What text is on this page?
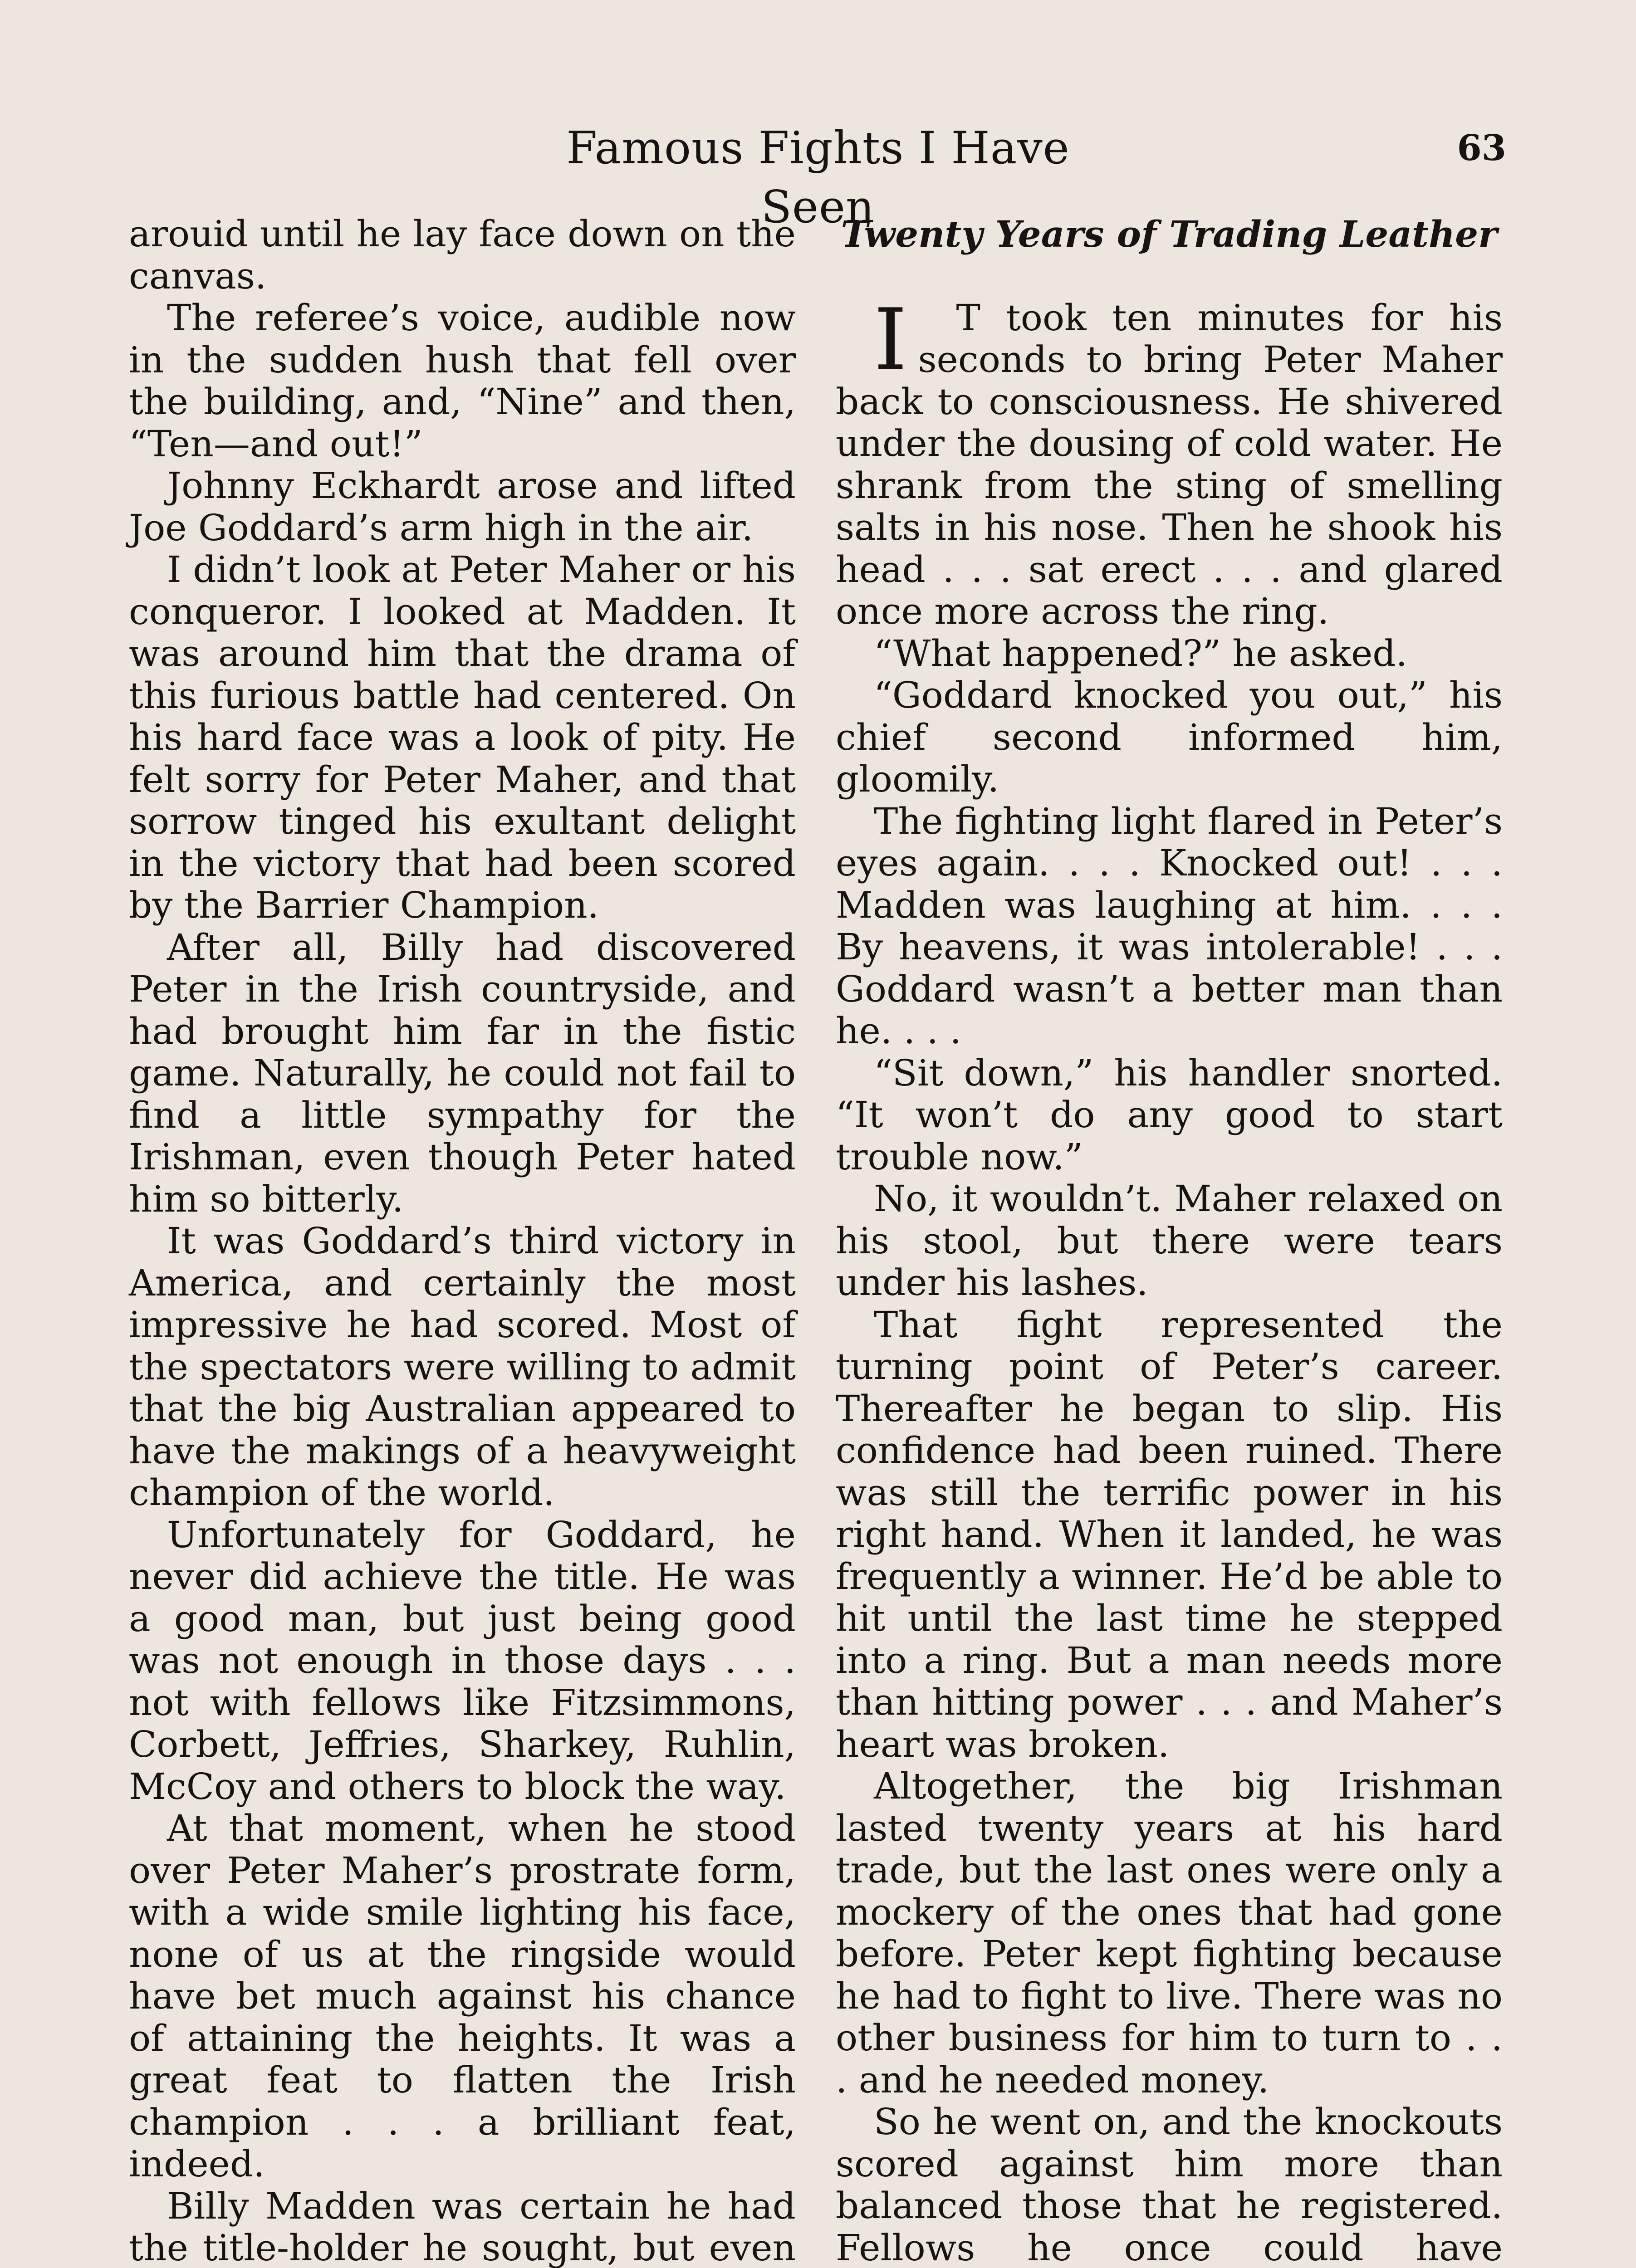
Famous Fights I Have Seen
63

arouid until he lay face down on the canvas.

The referee’s voice, audible now in the sudden hush that fell over the building, and, “Nine” and then, “Ten—and out!”

Johnny Eckhardt arose and lifted Joe Goddard’s arm high in the air.

I didn’t look at Peter Maher or his conqueror. I looked at Madden. It was around him that the drama of this furious battle had centered. On his hard face was a look of pity. He felt sorry for Peter Maher, and that sorrow tinged his exultant delight in the victory that had been scored by the Barrier Champion.

After all, Billy had discovered Peter in the Irish countryside, and had brought him far in the fistic game. Naturally, he could not fail to find a little sympathy for the Irishman, even though Peter hated him so bitterly.

It was Goddard’s third victory in America, and certainly the most impressive he had scored. Most of the spectators were willing to admit that the big Australian appeared to have the makings of a heavyweight champion of the world.

Unfortunately for Goddard, he never did achieve the title. He was a good man, but just being good was not enough in those days . . . not with fellows like Fitzsimmons, Corbett, Jeffries, Sharkey, Ruhlin, McCoy and others to block the way.

At that moment, when he stood over Peter Maher’s prostrate form, with a wide smile lighting his face, none of us at the ringside would have bet much against his chance of attaining the heights. It was a great feat to flatten the Irish champion . . . a brilliant feat, indeed.

Billy Madden was certain he had the title-holder he sought, but even

Twenty Years of Trading Leather

I T took ten minutes for his seconds to bring Peter Maher back to consciousness. He shivered under the dousing of cold water. He shrank from the sting of smelling salts in his nose. Then he shook his head . . . sat erect . . . and glared once more across the ring.

“What happened?” he asked.

“Goddard knocked you out,” his chief second informed him, gloomily.

The fighting light flared in Peter’s eyes again. . . . Knocked out! . . . Madden was laughing at him. . . . By heavens, it was intolerable! . . . Goddard wasn’t a better man than he. . . .

“Sit down,” his handler snorted. “It won’t do any good to start trouble now.”

No, it wouldn’t. Maher relaxed on his stool, but there were tears under his lashes.

That fight represented the turning point of Peter’s career. Thereafter he began to slip. His confidence had been ruined. There was still the terrific power in his right hand. When it landed, he was frequently a winner. He’d be able to hit until the last time he stepped into a ring. But a man needs more than hitting power . . . and Maher’s heart was broken.

Altogether, the big Irishman lasted twenty years at his hard trade, but the last ones were only a mockery of the ones that had gone before. Peter kept fighting because he had to fight to live. There was no other business for him to turn to . . . and he needed money.

So he went on, and the knockouts scored against him more than balanced those that he registered. Fellows he once could have
